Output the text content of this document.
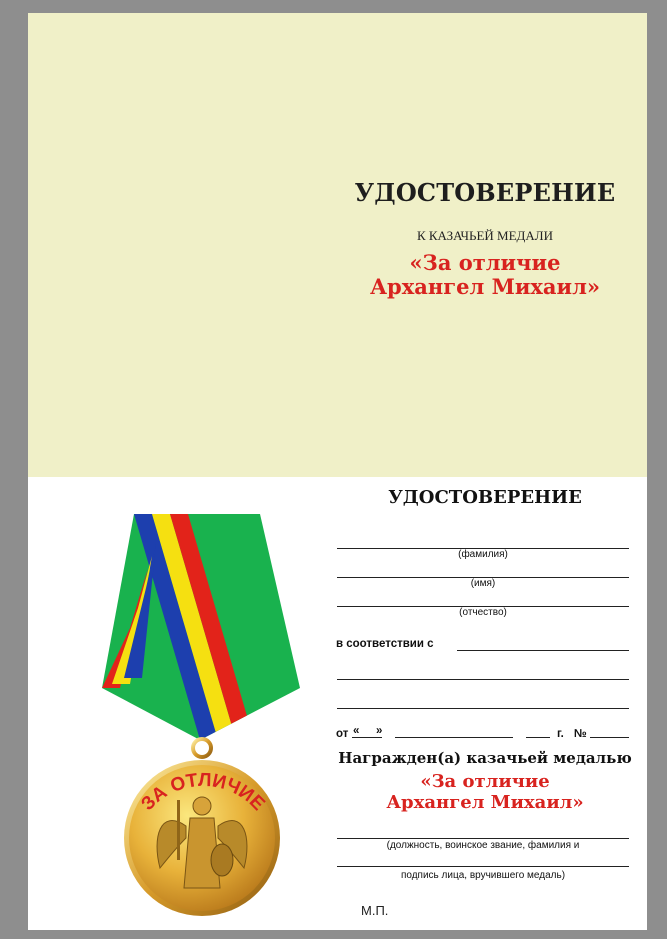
УДОСТОВЕРЕНИЕ
К КАЗАЧЬЕЙ МЕДАЛИ
«За отличие
Архангел Михаил»
УДОСТОВЕРЕНИЕ
ЗА ОТЛИЧИЕ
(фамилия)
(имя)
(отчество)
в соответствии с
от « »	г. №
Награжден(а) казачьей медалью
«За отличие
Архангел Михаил»
(должность, воинское звание, фамилия и
подпись лица, вручившего медаль)
М.П.
